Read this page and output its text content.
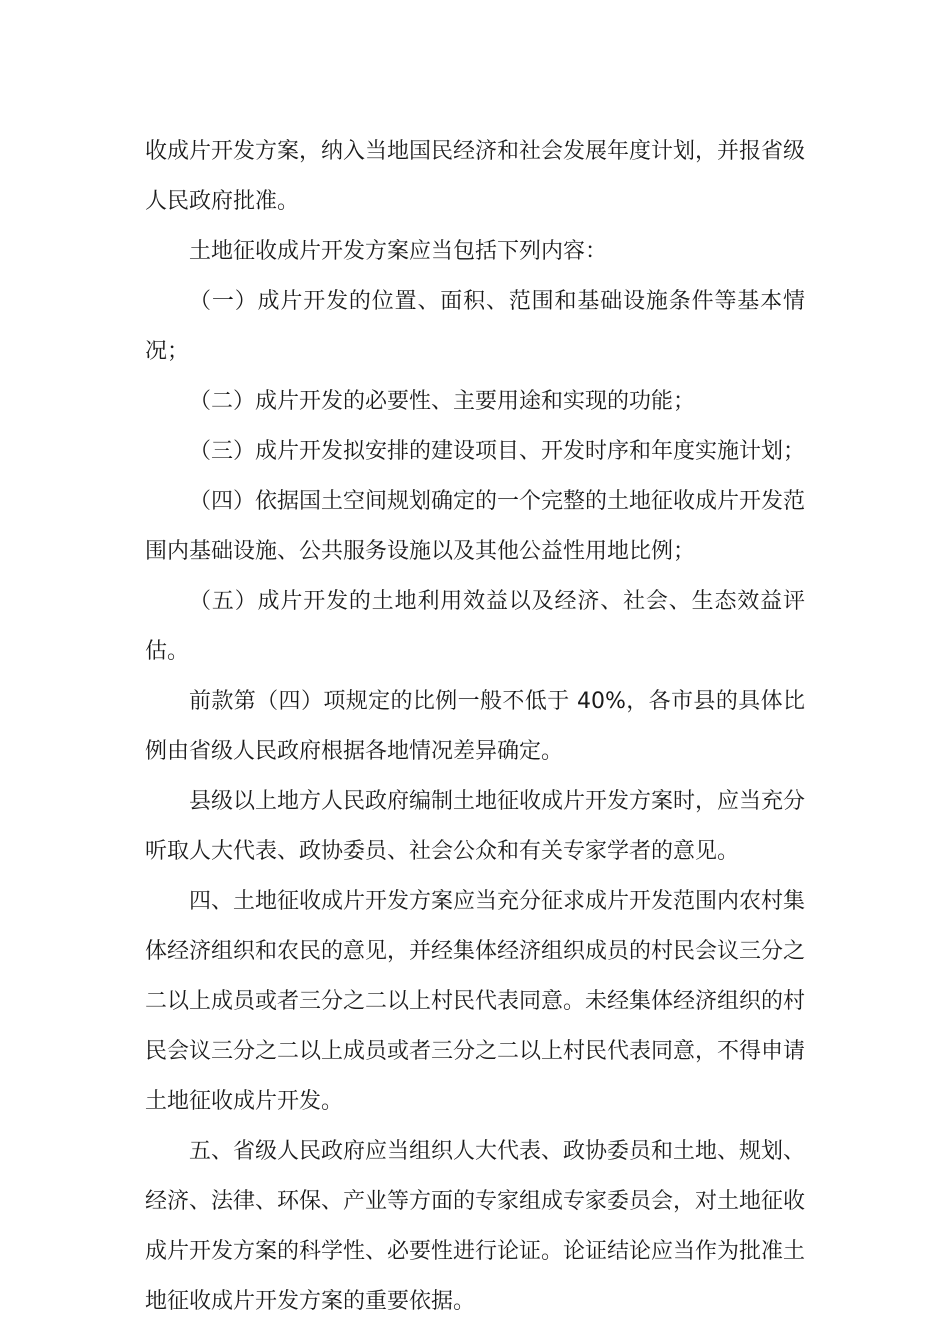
收成片开发方案，纳入当地国民经济和社会发展年度计划，并报省级人民政府批准。

土地征收成片开发方案应当包括下列内容：

（一）成片开发的位置、面积、范围和基础设施条件等基本情况；

（二）成片开发的必要性、主要用途和实现的功能；

（三）成片开发拟安排的建设项目、开发时序和年度实施计划；

（四）依据国土空间规划确定的一个完整的土地征收成片开发范围内基础设施、公共服务设施以及其他公益性用地比例；

（五）成片开发的土地利用效益以及经济、社会、生态效益评估。

前款第（四）项规定的比例一般不低于 40%，各市县的具体比例由省级人民政府根据各地情况差异确定。

县级以上地方人民政府编制土地征收成片开发方案时，应当充分听取人大代表、政协委员、社会公众和有关专家学者的意见。

四、土地征收成片开发方案应当充分征求成片开发范围内农村集体经济组织和农民的意见，并经集体经济组织成员的村民会议三分之二以上成员或者三分之二以上村民代表同意。未经集体经济组织的村民会议三分之二以上成员或者三分之二以上村民代表同意，不得申请土地征收成片开发。

五、省级人民政府应当组织人大代表、政协委员和土地、规划、经济、法律、环保、产业等方面的专家组成专家委员会，对土地征收成片开发方案的科学性、必要性进行论证。论证结论应当作为批准土地征收成片开发方案的重要依据。
